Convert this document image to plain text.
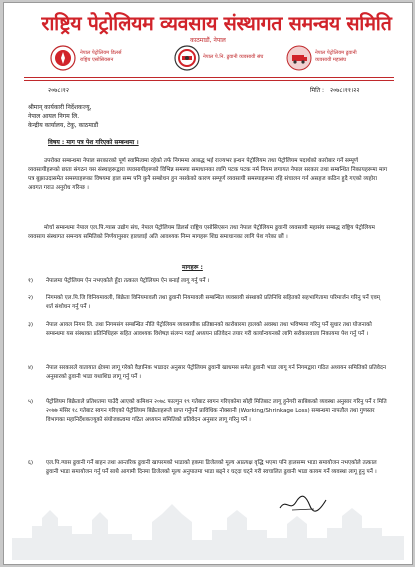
राष्ट्रिय पेट्रोलियम व्यवसाय संस्थागत समन्वय समिति
काठमाडौं, नेपाल
नेपाल पेट्रोलियम डिलर्स
राष्ट्रिय एसोसियसन	नेपाल पे.नि. ढुवानी व्यवसायी संघ
नेपाल पेट्रोलियम ढुवानी
व्यवसायी महासंघ
२०७८।१२	मिति : २०७८।११।२२
श्रीमान् कार्यकारी निर्देशकज्यू,
नेपाल आयल निगम लि.
केन्द्रीय कार्यालय, टेकु, काठमाडौं
विषय : माग पत्र पेश गरिएको सम्बन्धमा ।
उपरोक्त सम्बन्धमा नेपाल सरकारको पूर्ण स्वामित्वमा रहेको तर्फ निगममा आबद्ध भई राज्यभर इन्धन पेट्रोलियम तथा पेट्रोलियम पदार्थको कारोबार गर्ने सम्पूर्ण व्यवसायीहरूको छाता संगठन यस संस्थाहरूद्वारा व्यवसायीहरूको विभिन्न समस्या समाधानका लागि पटक पटक नर्म नियम लगायत नेपाल सरकार तथा सम्बन्धित निकायहरूमा माग पत्र बुझाउदासमेत समस्याहरूका विषयमा हाल सम्म पनि कुनै सम्बोधन हुन नसकेको कारण सम्पूर्ण व्यवसायी समस्याहरूमा रहि संचालन गर्न असहज कठिन हुदै गएको व्यहोरा अवगत गराउ अनुरोध गरिन्छ ।
मोर्चा सम्बन्धमा नेपाल एल.पि.ग्यास उद्योग संघ, नेपाल पेट्रोलियम डिलर्स राष्ट्रिय एसोसिएसन तथा नेपाल पेट्रोलियम ढुवानी व्यवसायी महासंघ सम्बद्ध राष्ट्रिय पेट्रोलियम व्यवसाय संस्थागत समन्वय समितिको निर्णयानुसार हाललाई अति आवश्यक निम्न मागहरू शिघ्र समाधानका लागि पेश गरेका छौं ।
मागहरू :
१)	नेपालमा पेट्रोलियम ऐन नभएकोले हुँदा तत्काल पेट्रोलियम ऐन बनाई लागू गर्नु पर्ने ।
२)	निगमको एल.पि.जि विनियमावली, बिक्रेता विनियमावली तथा ढुवानी नियमावली सम्बन्धित व्यवसायी संस्थाको प्रतिनिधि सहितको सहभागितामा परिमार्जन गरिनु पर्ने एवम् शर्त संशोधन गर्नु पर्ने ।
३)	नेपाल आयल निगम लि. तथा निगमसंग सम्बन्धित नीति पेट्रोलियम व्यवसायीक प्रतिष्ठानको कारोबारमा हालको अवस्था तथा भविष्यमा गरिनु पर्ने सुधार तथा योजनाको सम्बन्धमा यस संस्थाका प्रतिनिधिहरू सहित आवश्यक विशेषज्ञ संलग्न गराई अध्ययन प्रतिवेदन तयार गरी कार्यान्वयनको लागि सरोकारवाला निकायमा पेश गर्नु पर्ने ।
४)	नेपाल सरकारले यातायात क्षेत्रमा लागू गरेको वैज्ञानिक भाडादर अनुसार पेट्रोलियम ढुवानी खाधमस समेत ढुवानी भाडा लागू गर्न निगमद्वारा गठित अध्ययन समितिको प्रतिवेदन अनुसारको ढुवानी भाडा यथाशिघ्र लागू गर्नु पर्ने ।
५)	पेट्रोलियम बिक्रेताले प्रतिशतमा पाउँदै आएको कमिशन २०७८ फाल्गुन १९ गतेबाट स्वगन गरिएकोमा सोही मितिबाट लागू हुनेगरी साबिकको व्यवस्था अनुसार गरिनु पर्ने र मिति २०७७ मंसिर १८ गतेबाट स्वगन गरिएको पेट्रोलियम बिक्रेताहरूले प्राप्त गर्नुपर्ने प्राविधिक नोक्सानी (Working/Shrinkage Loss) सम्बन्धमा नापतौल तथा गुणस्तर विभागका महानिर्देशकज्यूको संयोजकत्वमा गठित अध्ययन समितिको प्रतिवेदन अनुसार लागू गरिनु पर्ने ।
६)	एल.पि.ग्यास ढुवानी गर्ने बाहन तथा आन्तरिक ढुवानी खापरमको भाडाको हकमा डिजेलको मूल्य अप्रत्यक्ष वृद्धि भएमा पनि हालसम्म भाडा समायोजन नभएकोले तत्काल ढुवानी भाडा समायोजन गर्नु पर्ने साथै आगामी दिनमा डिजेलको मूल्य अनुपातमा भाडा बढ्ने र घट्दा घट्ने गरी स्वचालित ढुवानी भाडा कायम गर्ने व्यवस्था लागू हुनु पर्ने ।
